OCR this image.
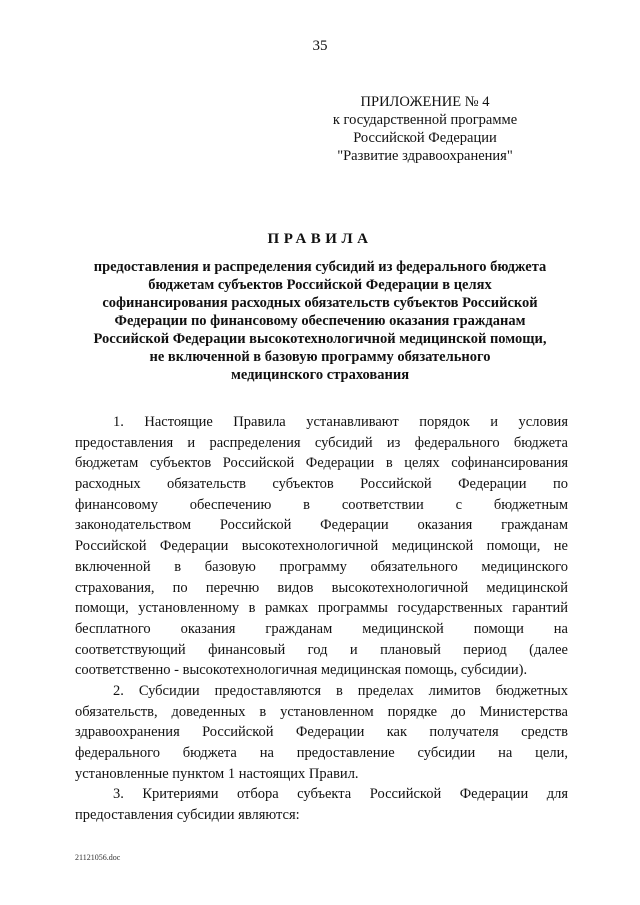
35
ПРИЛОЖЕНИЕ № 4
к государственной программе
Российской Федерации
"Развитие здравоохранения"
ПРАВИЛА
предоставления и распределения субсидий из федерального бюджета
бюджетам субъектов Российской Федерации в целях
софинансирования расходных обязательств субъектов Российской
Федерации по финансовому обеспечению оказания гражданам
Российской Федерации высокотехнологичной медицинской помощи,
не включенной в базовую программу обязательного
медицинского страхования
1. Настоящие Правила устанавливают порядок и условия
предоставления и распределения субсидий из федерального бюджета
бюджетам субъектов Российской Федерации в целях софинансирования
расходных обязательств субъектов Российской Федерации по
финансовому обеспечению в соответствии с бюджетным
законодательством Российской Федерации оказания гражданам
Российской Федерации высокотехнологичной медицинской помощи, не
включенной в базовую программу обязательного медицинского
страхования, по перечню видов высокотехнологичной медицинской
помощи, установленному в рамках программы государственных гарантий
бесплатного оказания гражданам медицинской помощи на
соответствующий финансовый год и плановый период (далее
соответственно - высокотехнологичная медицинская помощь, субсидии).
2. Субсидии предоставляются в пределах лимитов бюджетных
обязательств, доведенных в установленном порядке до Министерства
здравоохранения Российской Федерации как получателя средств
федерального бюджета на предоставление субсидии на цели,
установленные пунктом 1 настоящих Правил.
3. Критериями отбора субъекта Российской Федерации для
предоставления субсидии являются:
21121056.doc
